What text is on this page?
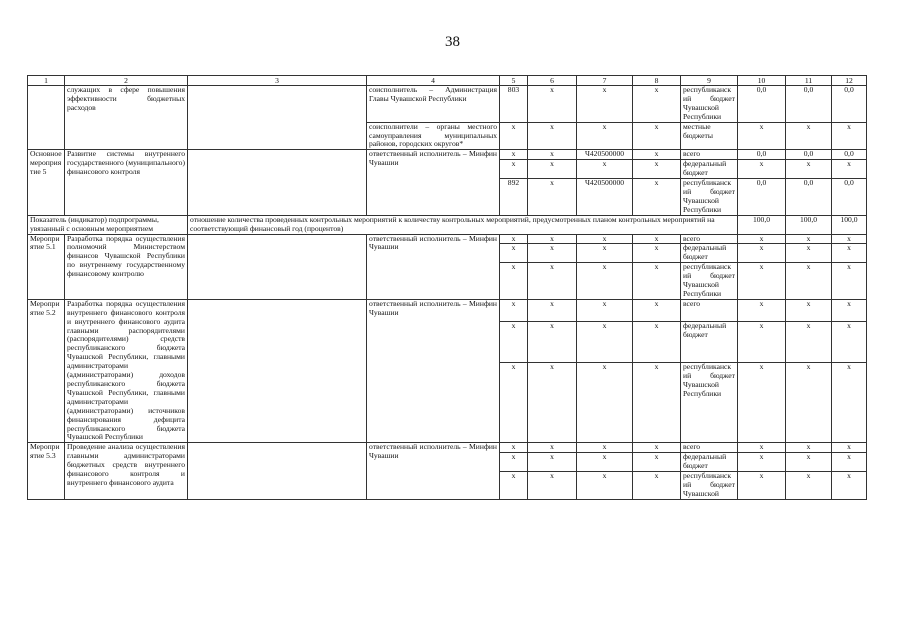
38
1	2	3	4	5	6	7	8	9	10	11	12
	служащих в сфере повышения эффективности бюджетных расходов		соисполнитель – Администрация Главы Чувашской Республики	803	x	x	x	республиканский бюджет Чувашской Республики	0,0	0,0	0,0
			соисполнители – органы местного самоуправления муниципальных районов, городских округов*	x	x	x	x	местные бюджеты	x	x	x
Основное мероприятие 5	Развитие системы внутреннего государственного (муниципального) финансового контроля		ответственный исполнитель – Минфин Чувашии	x	x	Ч420500000	x	всего	0,0	0,0	0,0
				x	x	x	x	федеральный бюджет	x	x	x
				892	x	Ч420500000	x	республиканский бюджет Чувашской Республики	0,0	0,0	0,0
Показатель (индикатор) подпрограммы, увязанный с основным мероприятием		отношение количества проведенных контрольных мероприятий к количеству контрольных мероприятий, предусмотренных планом контрольных мероприятий на соответствующий финансовый год (процентов)							100,0	100,0	100,0
Мероприятие 5.1	Разработка порядка осуществления полномочий Министерством финансов Чувашской Республики по внутреннему государственному финансовому контролю		ответственный исполнитель – Минфин Чувашии	x	x	x	x	всего	x	x	x
				x	x	x	x	федеральный бюджет	x	x	x
				x	x	x	x	республиканский бюджет Чувашской Республики	x	x	x
Мероприятие 5.2	Разработка порядка осуществления внутреннего финансового контроля и внутреннего финансового аудита главными распорядителями (распорядителями) средств республиканского бюджета Чувашской Республики, главными администраторами (администраторами) доходов республиканского бюджета Чувашской Республики, главными администраторами (администраторами) источников финансирования дефицита республиканского бюджета Чувашской Республики		ответственный исполнитель – Минфин Чувашии	x	x	x	x	всего	x	x	x
				x	x	x	x	федеральный бюджет	x	x	x
				x	x	x	x	республиканский бюджет Чувашской Республики	x	x	x
Мероприятие 5.3	Проведение анализа осуществления главными администраторами бюджетных средств внутреннего финансового контроля и внутреннего финансового аудита		ответственный исполнитель – Минфин Чувашии	x	x	x	x	всего	x	x	x
				x	x	x	x	федеральный бюджет	x	x	x
				x	x	x	x	республиканский бюджет Чувашской	x	x	x
